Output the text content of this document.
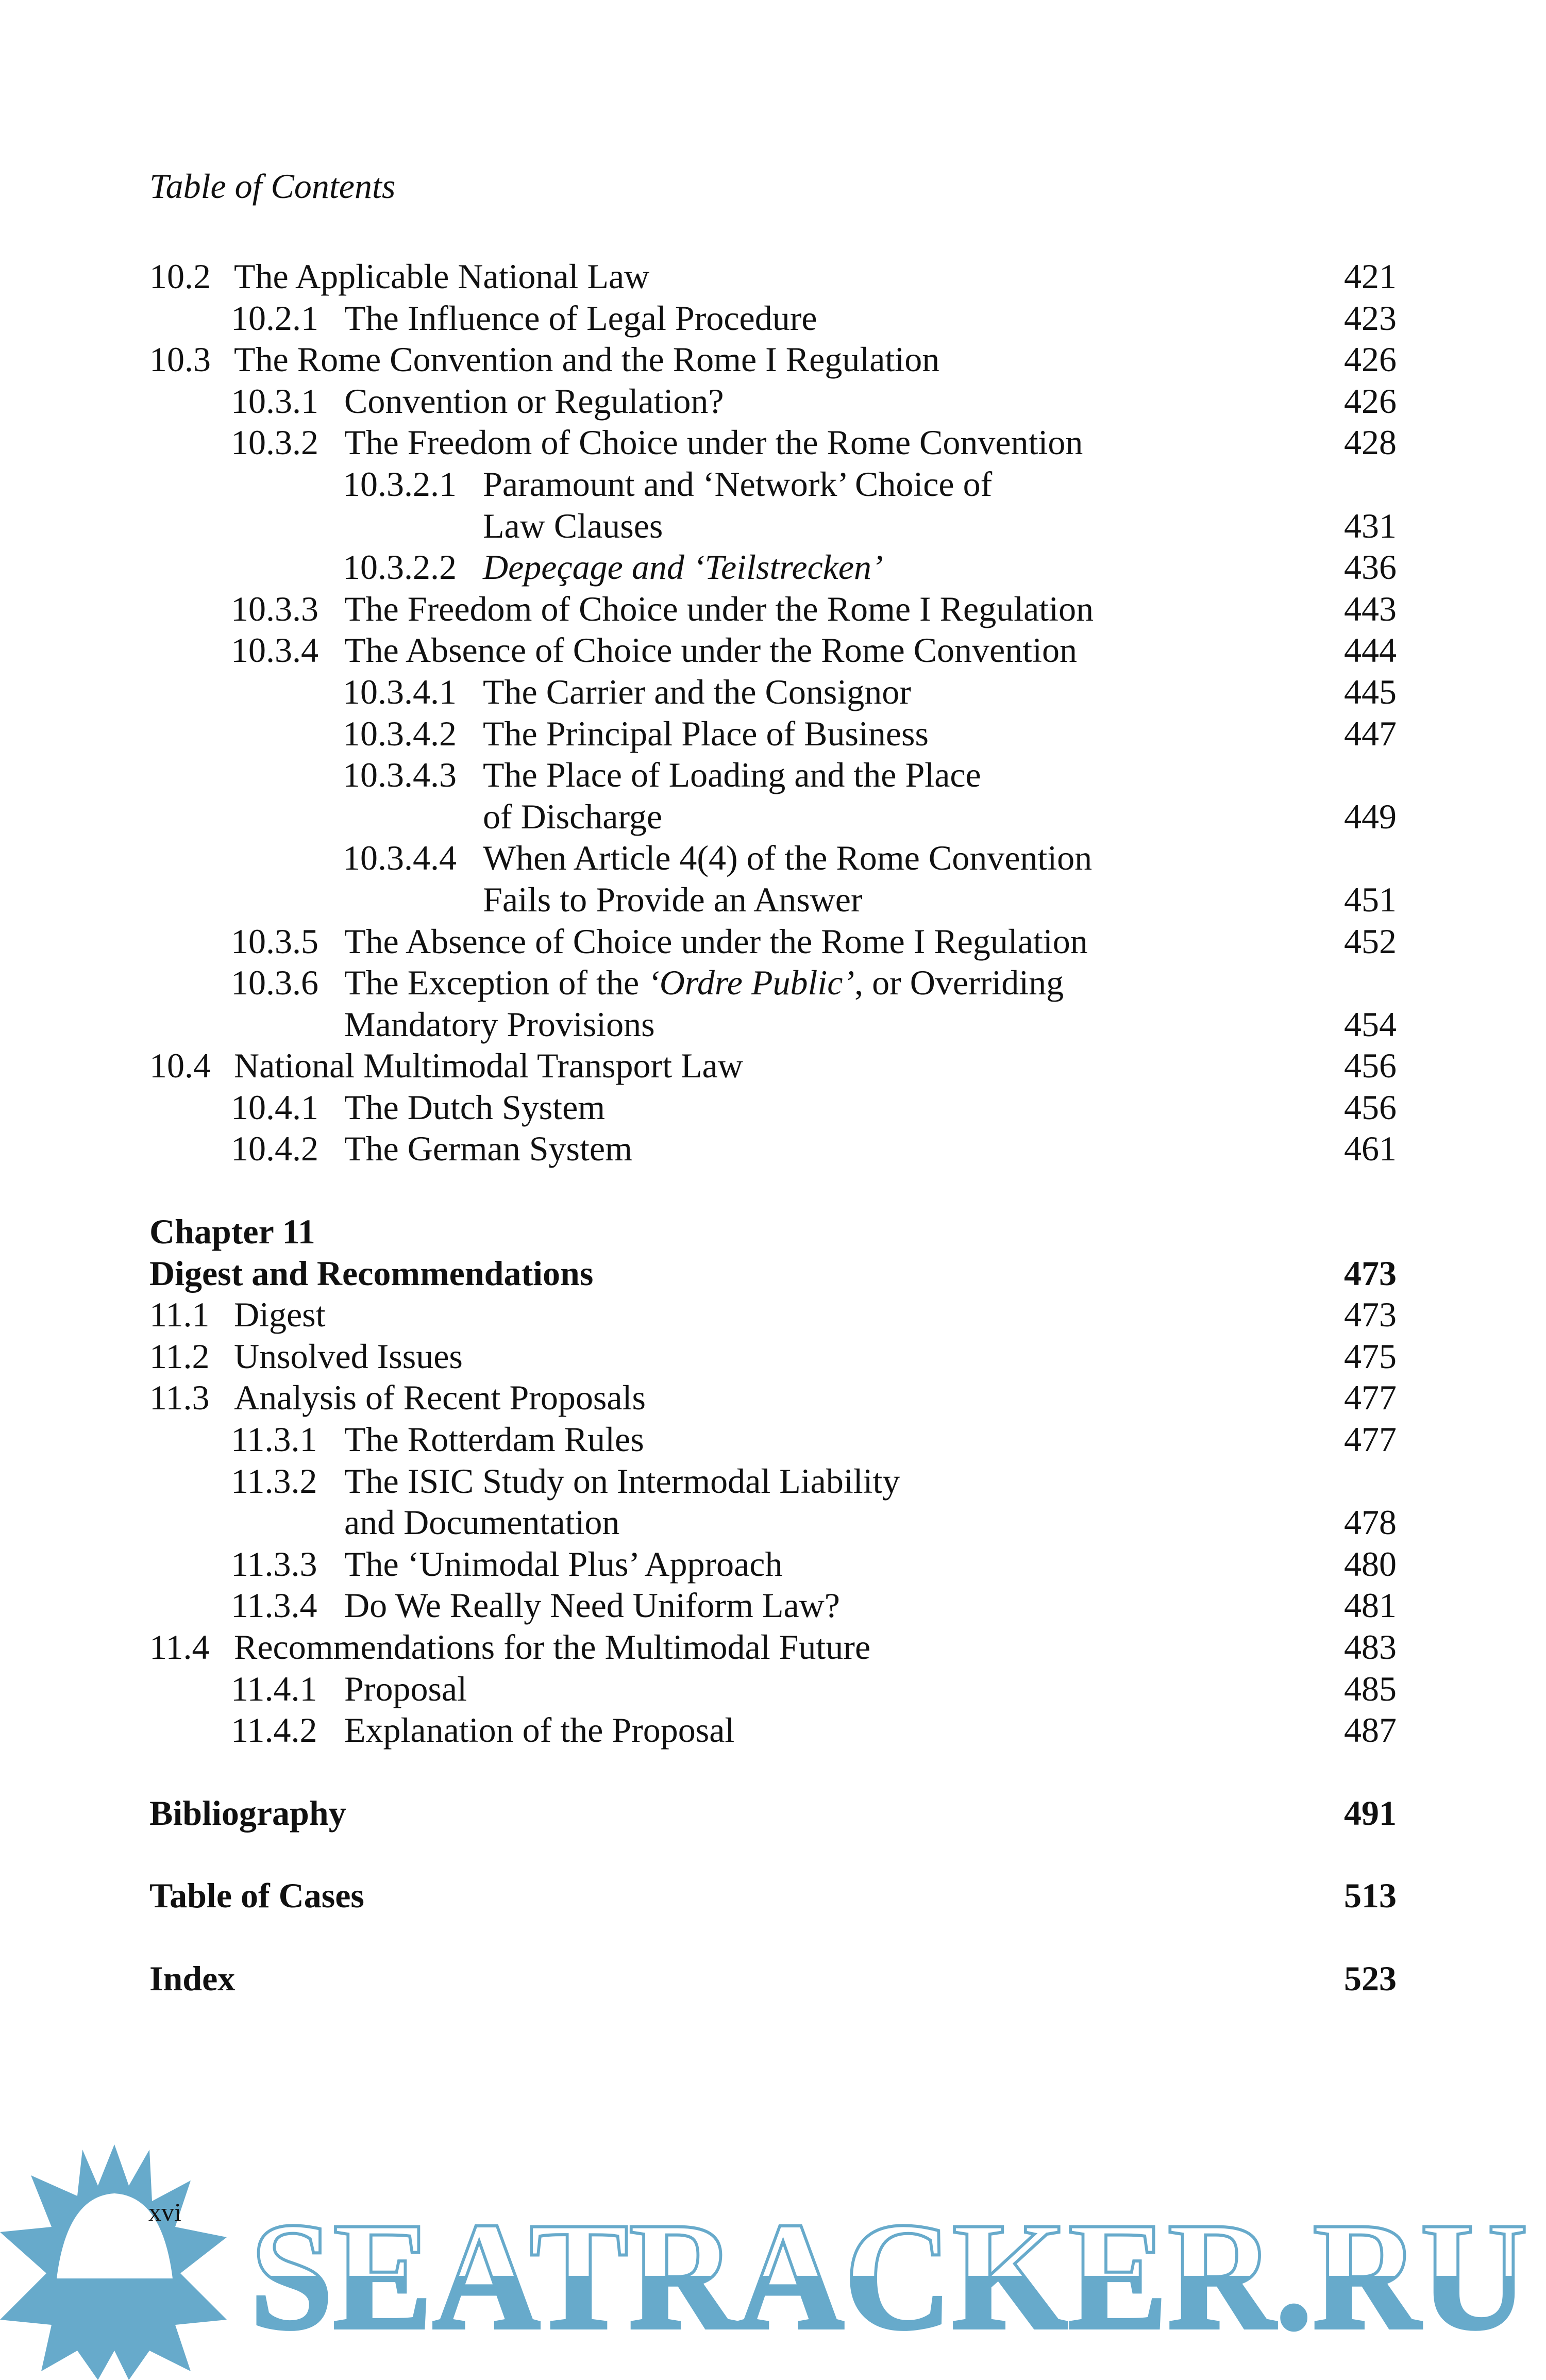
Table of Contents
10.2 The Applicable National Law	421
10.2.1 The Influence of Legal Procedure	423
10.3 The Rome Convention and the Rome I Regulation	426
10.3.1 Convention or Regulation?	426
10.3.2 The Freedom of Choice under the Rome Convention	428
10.3.2.1 Paramount and ‘Network’ Choice of
Law Clauses	431
10.3.2.2 Depeçage and ‘Teilstrecken’	436
10.3.3 The Freedom of Choice under the Rome I Regulation	443
10.3.4 The Absence of Choice under the Rome Convention	444
10.3.4.1 The Carrier and the Consignor	445
10.3.4.2 The Principal Place of Business	447
10.3.4.3 The Place of Loading and the Place
of Discharge	449
10.3.4.4 When Article 4(4) of the Rome Convention
Fails to Provide an Answer	451
10.3.5 The Absence of Choice under the Rome I Regulation	452
10.3.6 The Exception of the ‘Ordre Public’, or Overriding
Mandatory Provisions	454
10.4 National Multimodal Transport Law	456
10.4.1 The Dutch System	456
10.4.2 The German System	461
Chapter 11
Digest and Recommendations	473
11.1 Digest	473
11.2 Unsolved Issues	475
11.3 Analysis of Recent Proposals	477
11.3.1 The Rotterdam Rules	477
11.3.2 The ISIC Study on Intermodal Liability
and Documentation	478
11.3.3 The ‘Unimodal Plus’ Approach	480
11.3.4 Do We Really Need Uniform Law?	481
11.4 Recommendations for the Multimodal Future	483
11.4.1 Proposal	485
11.4.2 Explanation of the Proposal	487
Bibliography	491
Table of Cases	513
Index	523
SEATRACKER.RU
xvi
